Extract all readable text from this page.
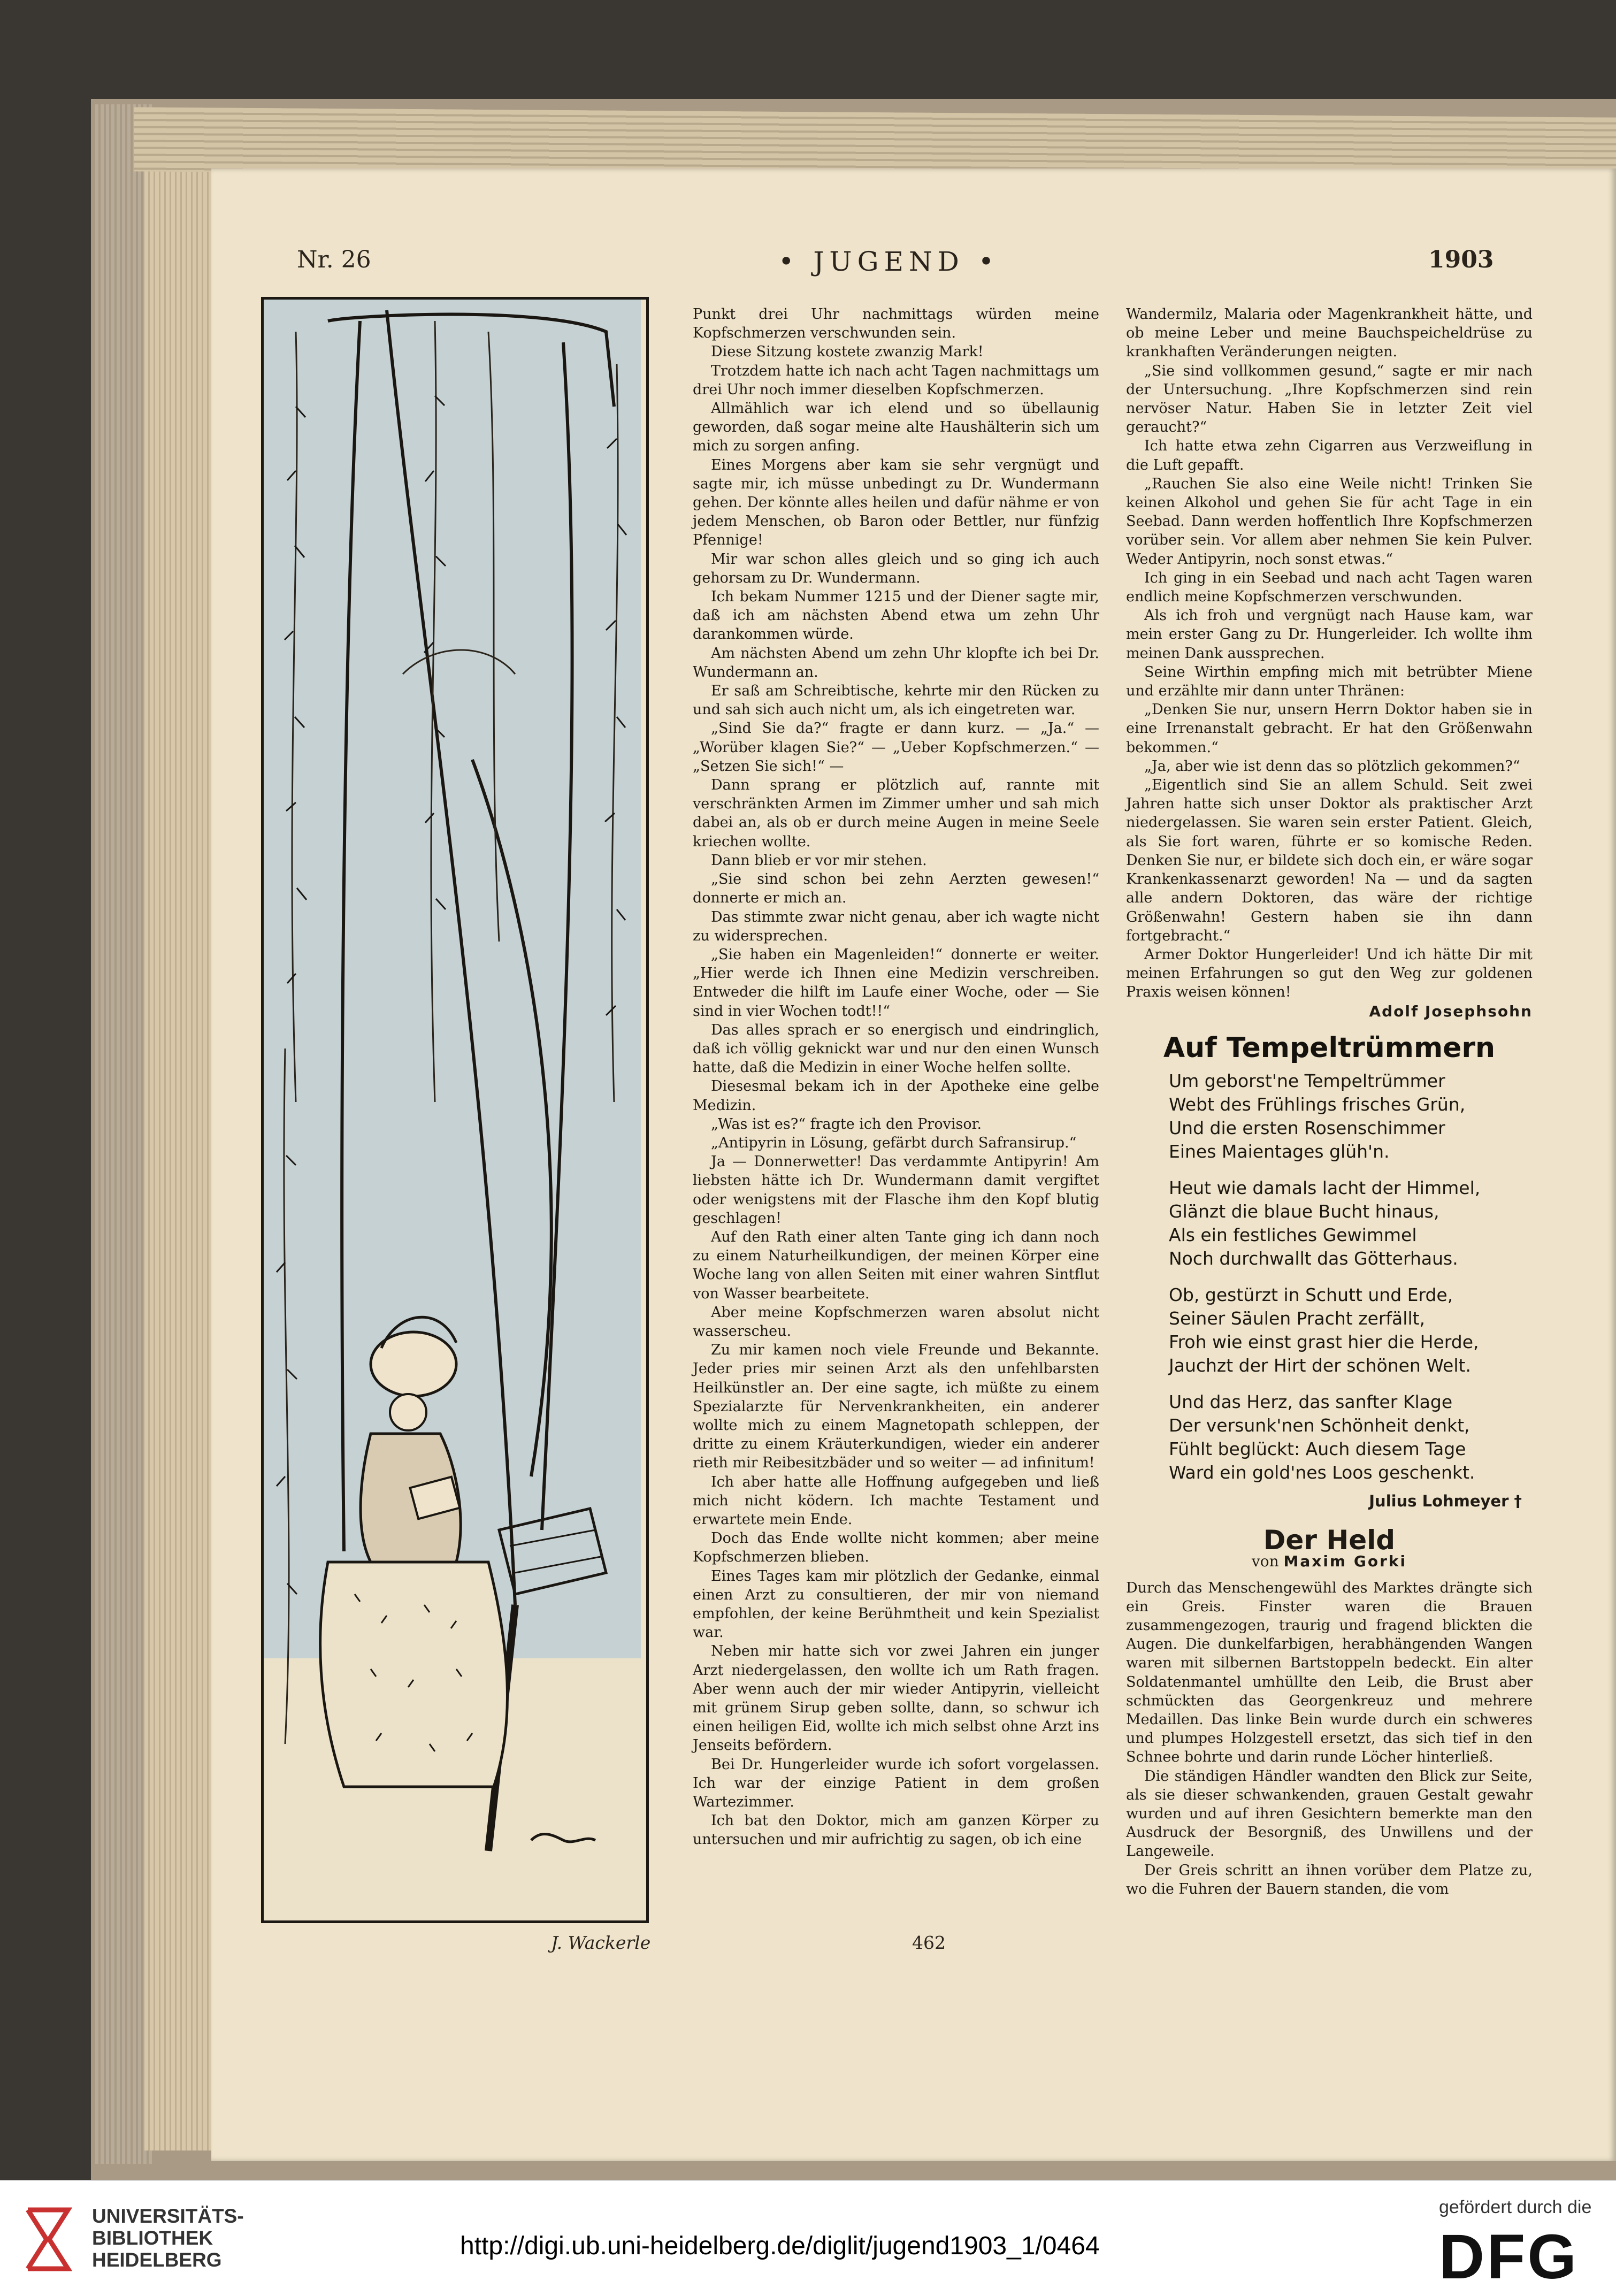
Nr. 26	• JUGEND •	1903

Punkt drei Uhr nachmittags würden meine Kopfschmerzen verschwunden sein.

Diese Sitzung kostete zwanzig Mark!

Trotzdem hatte ich nach acht Tagen nachmittags um drei Uhr noch immer dieselben Kopfschmerzen.

Allmählich war ich elend und so übellaunig geworden, daß sogar meine alte Haushälterin sich um mich zu sorgen anfing.

Eines Morgens aber kam sie sehr vergnügt und sagte mir, ich müsse unbedingt zu Dr. Wundermann gehen. Der könnte alles heilen und dafür nähme er von jedem Menschen, ob Baron oder Bettler, nur fünfzig Pfennige!

Mir war schon alles gleich und so ging ich auch gehorsam zu Dr. Wundermann.

Ich bekam Nummer 1215 und der Diener sagte mir, daß ich am nächsten Abend etwa um zehn Uhr darankommen würde.

Am nächsten Abend um zehn Uhr klopfte ich bei Dr. Wundermann an.

Er saß am Schreibtische, kehrte mir den Rücken zu und sah sich auch nicht um, als ich eingetreten war.

„Sind Sie da?“ fragte er dann kurz. — „Ja.“ — „Worüber klagen Sie?“ — „Ueber Kopfschmerzen.“ — „Setzen Sie sich!“ —

Dann sprang er plötzlich auf, rannte mit verschränkten Armen im Zimmer umher und sah mich dabei an, als ob er durch meine Augen in meine Seele kriechen wollte.

Dann blieb er vor mir stehen.

„Sie sind schon bei zehn Aerzten gewesen!“ donnerte er mich an.

Das stimmte zwar nicht genau, aber ich wagte nicht zu widersprechen.

„Sie haben ein Magenleiden!“ donnerte er weiter. „Hier werde ich Ihnen eine Medizin verschreiben. Entweder die hilft im Laufe einer Woche, oder — Sie sind in vier Wochen todt!!“

Das alles sprach er so energisch und eindringlich, daß ich völlig geknickt war und nur den einen Wunsch hatte, daß die Medizin in einer Woche helfen sollte.

Diesesmal bekam ich in der Apotheke eine gelbe Medizin.

„Was ist es?“ fragte ich den Provisor.

„Antipyrin in Lösung, gefärbt durch Safransirup.“

Ja — Donnerwetter! Das verdammte Antipyrin! Am liebsten hätte ich Dr. Wundermann damit vergiftet oder wenigstens mit der Flasche ihm den Kopf blutig geschlagen!

Auf den Rath einer alten Tante ging ich dann noch zu einem Naturheilkundigen, der meinen Körper eine Woche lang von allen Seiten mit einer wahren Sintflut von Wasser bearbeitete.

Aber meine Kopfschmerzen waren absolut nicht wasserscheu.

Zu mir kamen noch viele Freunde und Bekannte. Jeder pries mir seinen Arzt als den unfehlbarsten Heilkünstler an. Der eine sagte, ich müßte zu einem Spezialarzte für Nervenkrankheiten, ein anderer wollte mich zu einem Magnetopath schleppen, der dritte zu einem Kräuterkundigen, wieder ein anderer rieth mir Reibesitzbäder und so weiter — ad infinitum!

Ich aber hatte alle Hoffnung aufgegeben und ließ mich nicht ködern. Ich machte Testament und erwartete mein Ende.

Doch das Ende wollte nicht kommen; aber meine Kopfschmerzen blieben.

Eines Tages kam mir plötzlich der Gedanke, einmal einen Arzt zu consultieren, der mir von niemand empfohlen, der keine Berühmtheit und kein Spezialist war.

Neben mir hatte sich vor zwei Jahren ein junger Arzt niedergelassen, den wollte ich um Rath fragen. Aber wenn auch der mir wieder Antipyrin, vielleicht mit grünem Sirup geben sollte, dann, so schwur ich einen heiligen Eid, wollte ich mich selbst ohne Arzt ins Jenseits befördern.

Bei Dr. Hungerleider wurde ich sofort vorgelassen. Ich war der einzige Patient in dem großen Wartezimmer.

Ich bat den Doktor, mich am ganzen Körper zu untersuchen und mir aufrichtig zu sagen, ob ich eine

Wandermilz, Malaria oder Magenkrankheit hätte, und ob meine Leber und meine Bauchspeicheldrüse zu krankhaften Veränderungen neigten.

„Sie sind vollkommen gesund,“ sagte er mir nach der Untersuchung. „Ihre Kopfschmerzen sind rein nervöser Natur. Haben Sie in letzter Zeit viel geraucht?“

Ich hatte etwa zehn Cigarren aus Verzweiflung in die Luft gepafft.

„Rauchen Sie also eine Weile nicht! Trinken Sie keinen Alkohol und gehen Sie für acht Tage in ein Seebad. Dann werden hoffentlich Ihre Kopfschmerzen vorüber sein. Vor allem aber nehmen Sie kein Pulver. Weder Antipyrin, noch sonst etwas.“

Ich ging in ein Seebad und nach acht Tagen waren endlich meine Kopfschmerzen verschwunden.

Als ich froh und vergnügt nach Hause kam, war mein erster Gang zu Dr. Hungerleider. Ich wollte ihm meinen Dank aussprechen.

Seine Wirthin empfing mich mit betrübter Miene und erzählte mir dann unter Thränen:

„Denken Sie nur, unsern Herrn Doktor haben sie in eine Irrenanstalt gebracht. Er hat den Größenwahn bekommen.“

„Ja, aber wie ist denn das so plötzlich gekommen?“

„Eigentlich sind Sie an allem Schuld. Seit zwei Jahren hatte sich unser Doktor als praktischer Arzt niedergelassen. Sie waren sein erster Patient. Gleich, als Sie fort waren, führte er so komische Reden. Denken Sie nur, er bildete sich doch ein, er wäre sogar Krankenkassenarzt geworden! Na — und da sagten alle andern Doktoren, das wäre der richtige Größenwahn! Gestern haben sie ihn dann fortgebracht.“

Armer Doktor Hungerleider! Und ich hätte Dir mit meinen Erfahrungen so gut den Weg zur goldenen Praxis weisen können!

Adolf Josephsohn

Auf Tempeltrümmern
Um geborst'ne Tempeltrümmer
Webt des Frühlings frisches Grün,
Und die ersten Rosenschimmer
Eines Maientages glüh'n.
Heut wie damals lacht der Himmel,
Glänzt die blaue Bucht hinaus,
Als ein festliches Gewimmel
Noch durchwallt das Götterhaus.
Ob, gestürzt in Schutt und Erde,
Seiner Säulen Pracht zerfällt,
Froh wie einst grast hier die Herde,
Jauchzt der Hirt der schönen Welt.
Und das Herz, das sanfter Klage
Der versunk'nen Schönheit denkt,
Fühlt beglückt: Auch diesem Tage
Ward ein gold'nes Loos geschenkt.
Julius Lohmeyer †
Der Held
von Maxim Gorki

Durch das Menschengewühl des Marktes drängte sich ein Greis. Finster waren die Brauen zusammengezogen, traurig und fragend blickten die Augen. Die dunkelfarbigen, herabhängenden Wangen waren mit silbernen Bartstoppeln bedeckt. Ein alter Soldatenmantel umhüllte den Leib, die Brust aber schmückten das Georgenkreuz und mehrere Medaillen. Das linke Bein wurde durch ein schweres und plumpes Holzgestell ersetzt, das sich tief in den Schnee bohrte und darin runde Löcher hinterließ.

Die ständigen Händler wandten den Blick zur Seite, als sie dieser schwankenden, grauen Gestalt gewahr wurden und auf ihren Gesichtern bemerkte man den Ausdruck der Besorgniß, des Unwillens und der Langeweile.

Der Greis schritt an ihnen vorüber dem Platze zu, wo die Fuhren der Bauern standen, die vom

J. Wackerle	462
UNIVERSITÄTS-
BIBLIOTHEK
HEIDELBERG	http://digi.ub.uni-heidelberg.de/diglit/jugend1903_1/0464
gefördert durch die
DFG
